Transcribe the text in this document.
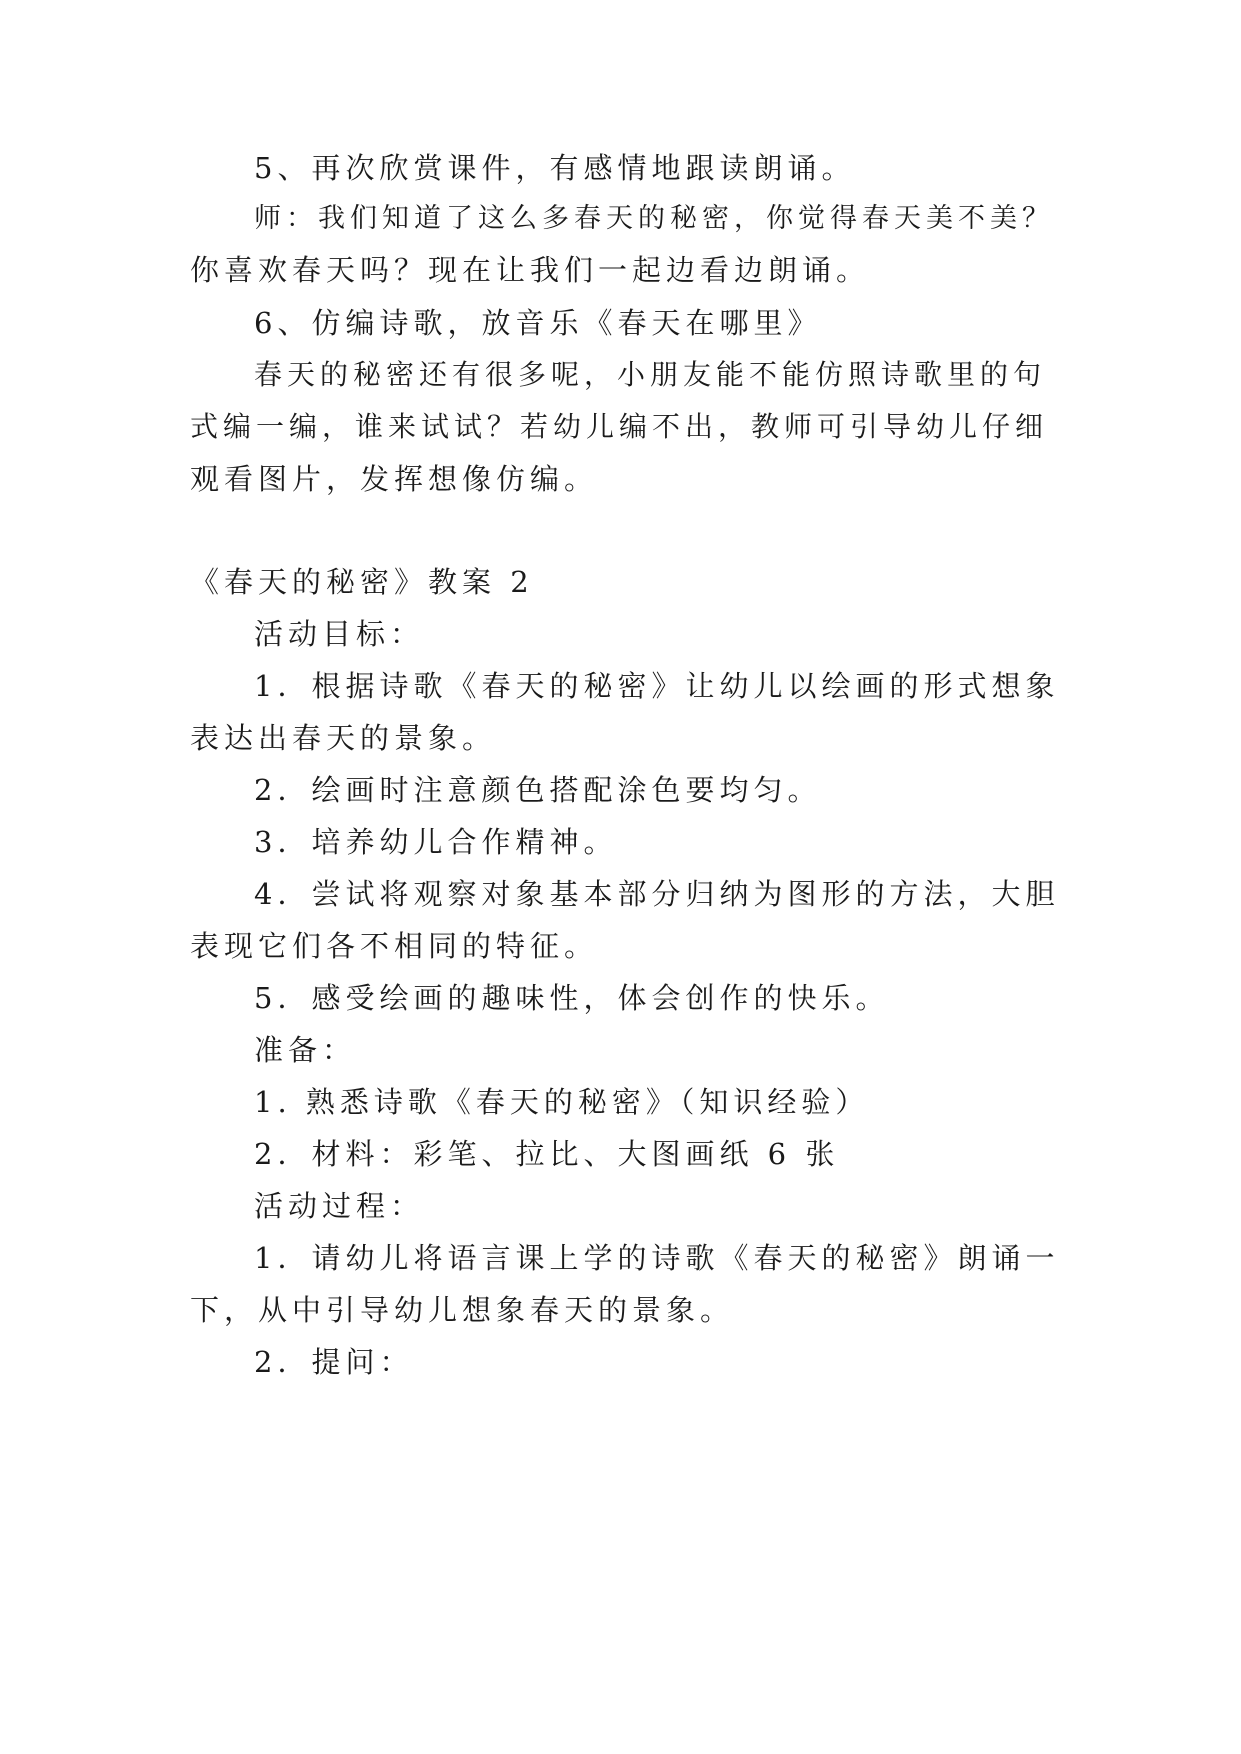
5、再次欣赏课件，有感情地跟读朗诵。
师：我们知道了这么多春天的秘密，你觉得春天美不美？
你喜欢春天吗？现在让我们一起边看边朗诵。
6、仿编诗歌，放音乐《春天在哪里》
春天的秘密还有很多呢，小朋友能不能仿照诗歌里的句
式编一编，谁来试试？若幼儿编不出，教师可引导幼儿仔细
观看图片，发挥想像仿编。
《春天的秘密》教案 2
活动目标：
1．根据诗歌《春天的秘密》让幼儿以绘画的形式想象
表达出春天的景象。
2．绘画时注意颜色搭配涂色要均匀。
3．培养幼儿合作精神。
4．尝试将观察对象基本部分归纳为图形的方法，大胆
表现它们各不相同的特征。
5．感受绘画的趣味性，体会创作的快乐。
准备：
1. 熟悉诗歌《春天的秘密》（知识经验）
2．材料：彩笔、拉比、大图画纸 6 张
活动过程：
1．请幼儿将语言课上学的诗歌《春天的秘密》朗诵一
下，从中引导幼儿想象春天的景象。
2．提问：
